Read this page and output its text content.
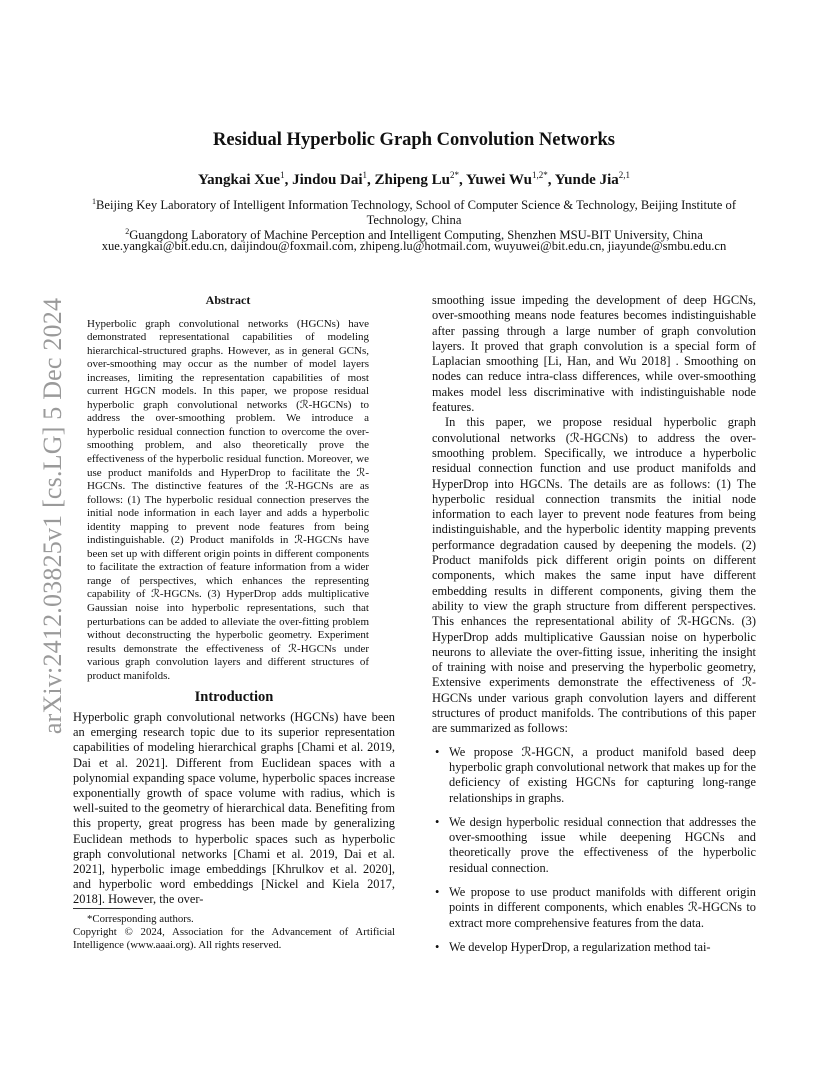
arXiv:2412.03825v1 [cs.LG] 5 Dec 2024
Residual Hyperbolic Graph Convolution Networks
Yangkai Xue$^1$, Jindou Dai$^1$, Zhipeng $Lu^{2*}$, Yuwei $Wu^{1,2*}$, Yunde Jia$^{2,1}$
$^1$Beijing Key Laboratory of Intelligent Information Technology, School of Computer Science & Technology, Beijing Institute of Technology, China
$^2$Guangdong Laboratory of Machine Perception and Intelligent Computing, Shenzhen MSU-BIT University, China
xue.yangkai@bit.edu.cn, daijindou@foxmail.com, zhipeng.lu@hotmail.com, wuyuwei@bit.edu.cn, jiayunde@smbu.edu.cn
Abstract

Hyperbolic graph convolutional networks (HGCNs) have demonstrated representational capabilities of modeling hierarchical-structured graphs. However, as in general GCNs, over-smoothing may occur as the number of model layers increases, limiting the representation capabilities of most current HGCN models. In this paper, we propose residual hyperbolic graph convolutional networks (ℛ-HGCNs) to address the over-smoothing problem. We introduce a hyperbolic residual connection function to overcome the over-smoothing problem, and also theoretically prove the effectiveness of the hyperbolic residual function. Moreover, we use product manifolds and HyperDrop to facilitate the ℛ-HGCNs. The distinctive features of the ℛ-HGCNs are as follows: (1) The hyperbolic residual connection preserves the initial node information in each layer and adds a hyperbolic identity mapping to prevent node features from being indistinguishable. (2) Product manifolds in ℛ-HGCNs have been set up with different origin points in different components to facilitate the extraction of feature information from a wider range of perspectives, which enhances the representing capability of ℛ-HGCNs. (3) HyperDrop adds multiplicative Gaussian noise into hyperbolic representations, such that perturbations can be added to alleviate the over-fitting problem without deconstructing the hyperbolic geometry. Experiment results demonstrate the effectiveness of ℛ-HGCNs under various graph convolution layers and different structures of product manifolds.

Introduction

Hyperbolic graph convolutional networks (HGCNs) have been an emerging research topic due to its superior representation capabilities of modeling hierarchical graphs [Chami et al. 2019, Dai et al. 2021]. Different from Euclidean spaces with a polynomial expanding space volume, hyperbolic spaces increase exponentially growth of space volume with radius, which is well-suited to the geometry of hierarchical data. Benefiting from this property, great progress has been made by generalizing Euclidean methods to hyperbolic spaces such as hyperbolic graph convolutional networks [Chami et al. 2019, Dai et al. 2021], hyperbolic image embeddings [Khrulkov et al. 2020], and hyperbolic word embeddings [Nickel and Kiela 2017, 2018]. However, the over-

*Corresponding authors.

Copyright © 2024, Association for the Advancement of Artificial Intelligence (www.aaai.org). All rights reserved.

smoothing issue impeding the development of deep HGCNs, over-smoothing means node features becomes indistinguishable after passing through a large number of graph convolution layers. It proved that graph convolution is a special form of Laplacian smoothing [Li, Han, and Wu 2018] . Smoothing on nodes can reduce intra-class differences, while over-smoothing makes model less discriminative with indistinguishable node features.

In this paper, we propose residual hyperbolic graph convolutional networks (ℛ-HGCNs) to address the over-smoothing problem. Specifically, we introduce a hyperbolic residual connection function and use product manifolds and HyperDrop into HGCNs. The details are as follows: (1) The hyperbolic residual connection transmits the initial node information to each layer to prevent node features from being indistinguishable, and the hyperbolic identity mapping prevents performance degradation caused by deepening the models. (2) Product manifolds pick different origin points on different components, which makes the same input have different embedding results in different components, giving them the ability to view the graph structure from different perspectives. This enhances the representational ability of ℛ-HGCNs. (3) HyperDrop adds multiplicative Gaussian noise on hyperbolic neurons to alleviate the over-fitting issue, inheriting the insight of training with noise and preserving the hyperbolic geometry, Extensive experiments demonstrate the effectiveness of ℛ-HGCNs under various graph convolution layers and different structures of product manifolds. The contributions of this paper are summarized as follows:

• We propose ℛ-HGCN, a product manifold based deep hyperbolic graph convolutional network that makes up for the deficiency of existing HGCNs for capturing long-range relationships in graphs.
• We design hyperbolic residual connection that addresses the over-smoothing issue while deepening HGCNs and theoretically prove the effectiveness of the hyperbolic residual connection.
• We propose to use product manifolds with different origin points in different components, which enables ℛ-HGCNs to extract more comprehensive features from the data.
• We develop HyperDrop, a regularization method tai-
